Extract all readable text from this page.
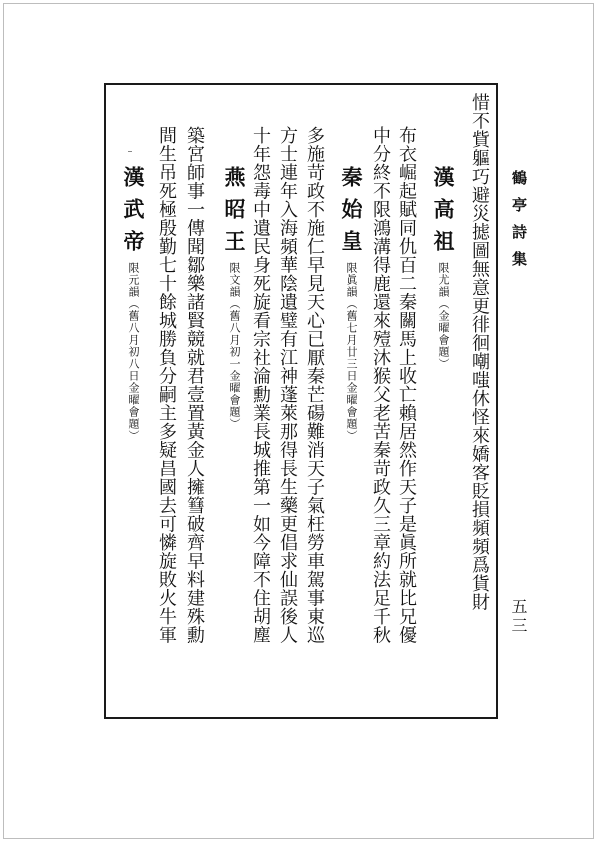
鶴亭詩集
五三
惜不貲軀巧避災摅圖無意更徘徊嘲嗤休怪來嬌客貶損頻頻爲貨財
漢高祖限尤韻（金曜會題）
布衣崛起賦同仇百二秦關馬上收亡賴居然作天子是眞所就比兄優
中分終不限鴻溝得鹿還來殪沐猴父老苦秦苛政久三章約法足千秋
秦始皇限眞韻（舊七月廿三日金曜會題）
多施苛政不施仁早見天心已厭秦芒碭難消天子氣枉勞車駕事東巡
方士連年入海頻華陰遺璧有江神蓬萊那得長生藥更倡求仙誤後人
燕昭王限文韻（舊八月初一金曜會題）
十年怨毒中遺民身死旋看宗社淪勳業長城推第一如今障不住胡塵
築宮師事一傳聞鄒樂諸賢競就君壹置黃金人擁篲破齊早料建殊勳
間生吊死極殷勤七十餘城勝負分嗣主多疑昌國去可憐旋敗火牛軍
漢武帝限元韻（舊八月初八日金曜會題）
